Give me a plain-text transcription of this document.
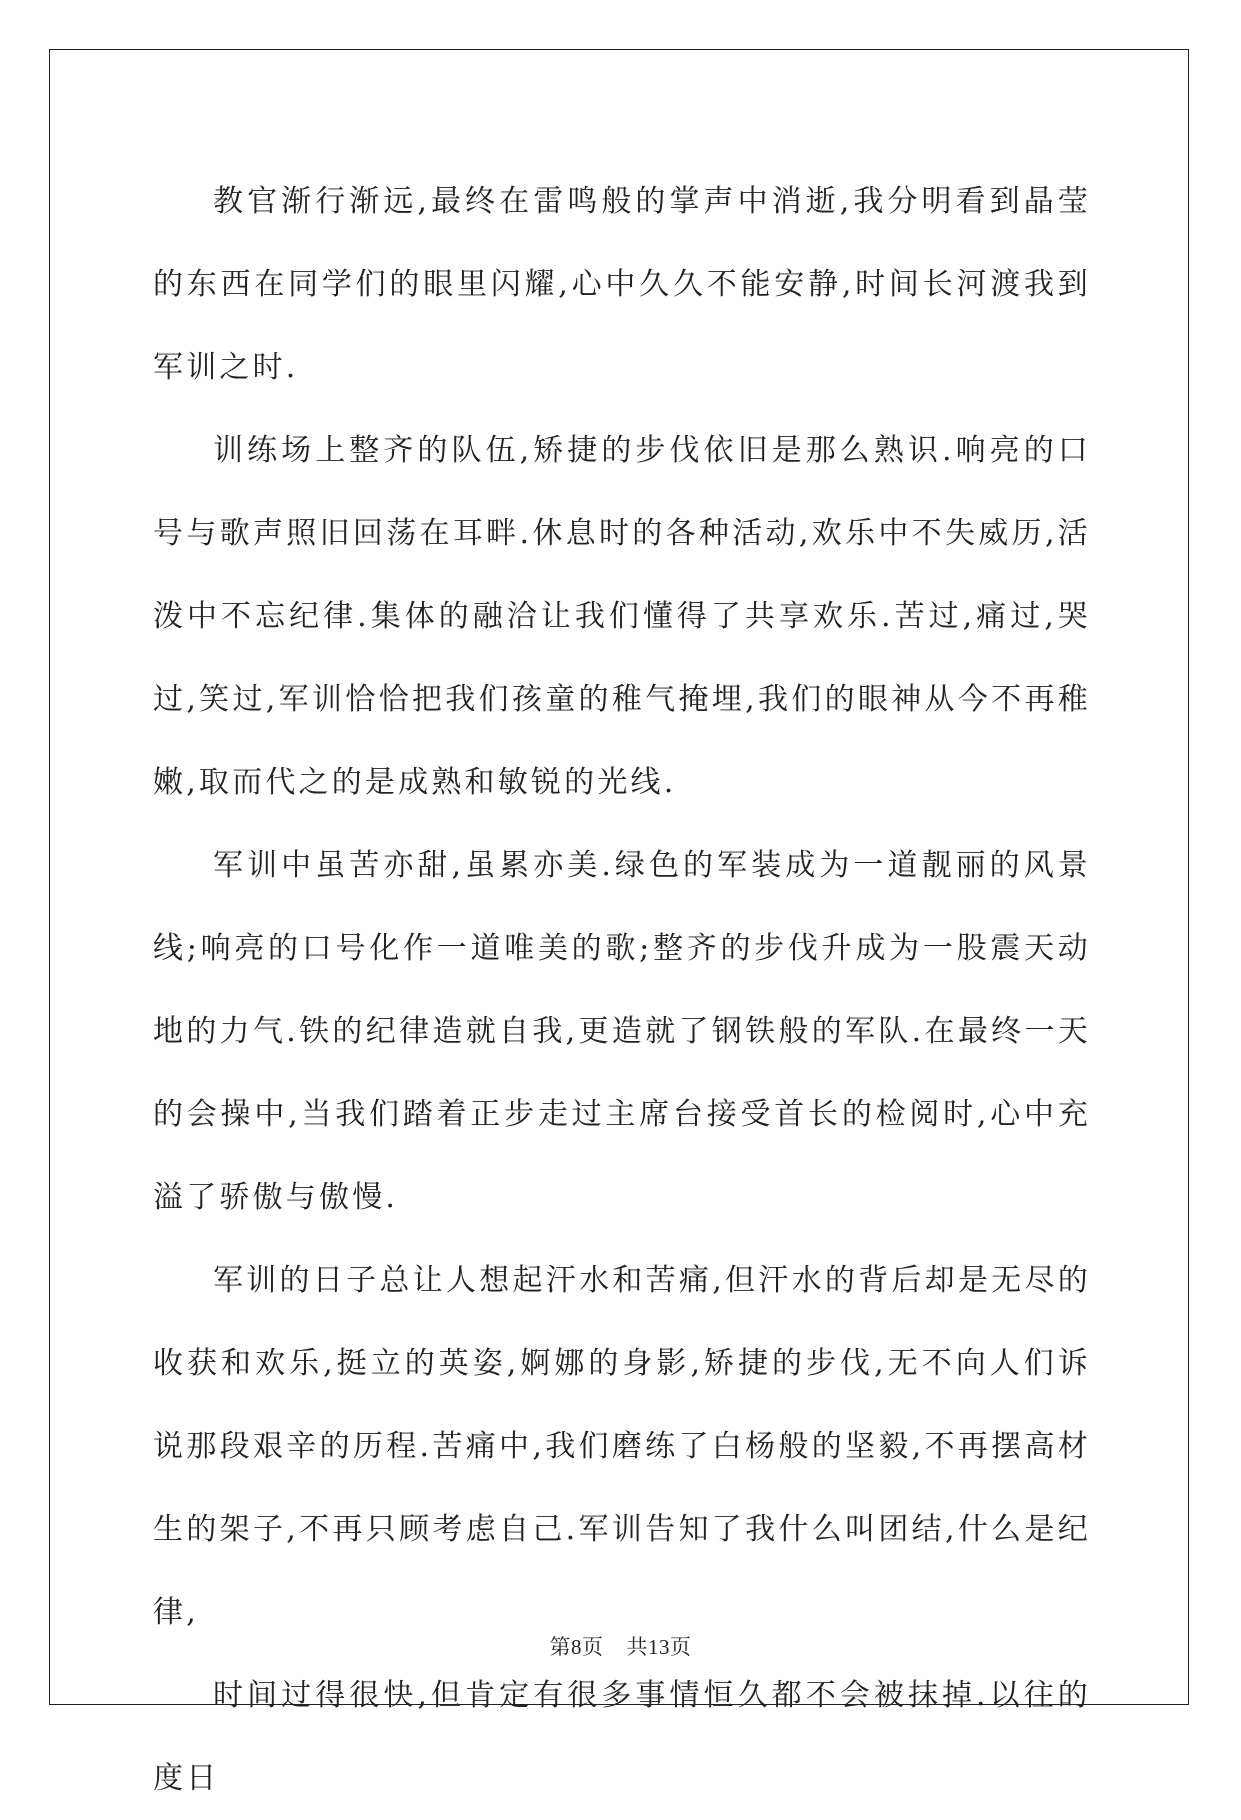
教官渐行渐远,最终在雷鸣般的掌声中消逝,我分明看到晶莹的东西在同学们的眼里闪耀,心中久久不能安静,时间长河渡我到军训之时.

训练场上整齐的队伍,矫捷的步伐依旧是那么熟识.响亮的口号与歌声照旧回荡在耳畔.休息时的各种活动,欢乐中不失威历,活泼中不忘纪律.集体的融洽让我们懂得了共享欢乐.苦过,痛过,哭过,笑过,军训恰恰把我们孩童的稚气掩埋,我们的眼神从今不再稚嫩,取而代之的是成熟和敏锐的光线.

军训中虽苦亦甜,虽累亦美.绿色的军装成为一道靓丽的风景线;响亮的口号化作一道唯美的歌;整齐的步伐升成为一股震天动地的力气.铁的纪律造就自我,更造就了钢铁般的军队.在最终一天的会操中,当我们踏着正步走过主席台接受首长的检阅时,心中充溢了骄傲与傲慢.

军训的日子总让人想起汗水和苦痛,但汗水的背后却是无尽的收获和欢乐,挺立的英姿,婀娜的身影,矫捷的步伐,无不向人们诉说那段艰辛的历程.苦痛中,我们磨练了白杨般的坚毅,不再摆高材生的架子,不再只顾考虑自己.军训告知了我什么叫团结,什么是纪律,

时间过得很快,但肯定有很多事情恒久都不会被抹掉.以往的度日

第8页 共13页
